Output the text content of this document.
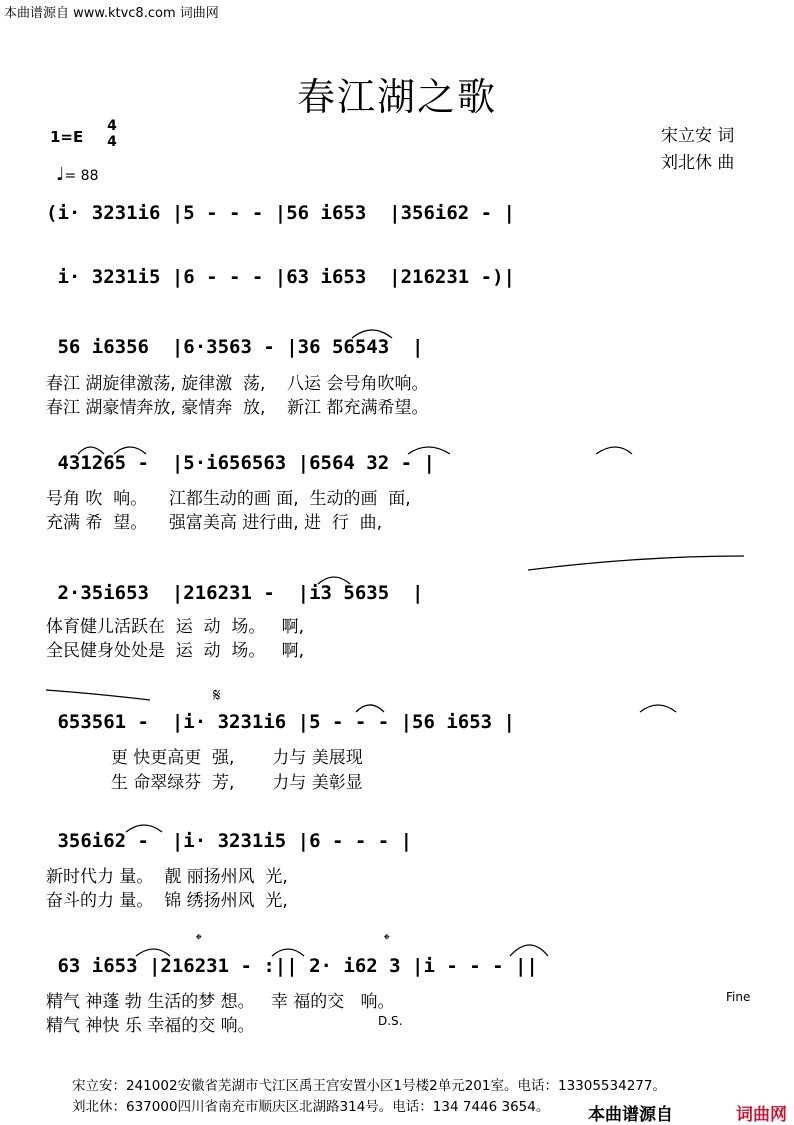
本曲谱源自 www.ktvc8.com 词曲网
春江湖之歌
1=E
4
4
♩= 88
宋立安 词
刘北休 曲
(i· 3231i6 |5 - - - |56 i653  |356i62 - |
i· 3231i5 |6 - - - |63 i653  |216231 -)|
56 i6356  |6·3563 - |36 56543  |
春江 湖旋律激荡, 旋律激  荡,    八运 会号角吹响。
春江 湖豪情奔放, 豪情奔  放,    新江 都充满希望。
431265 -  |5·i656563 |6564 32 - |
号角 吹  响。    江都生动的画 面,  生动的画  面,
充满 希  望。    强富美高 进行曲, 进  行  曲,
2·35i653  |216231 -  |i3 5635  |
体育健儿活跃在  运  动  场。   啊,
全民健身处处是  运  动  场。   啊,
653561 -  |i· 3231i6 |5 - - - |56 i653 |
更 快更高更  强,       力与 美展现
生 命翠绿芬  芳,       力与 美彰显
356i62 -  |i· 3231i5 |6 - - - |
新时代力 量。  靓 丽扬州风  光,
奋斗的力 量。  锦 绣扬州风  光,
63 i653 |216231 - :|| 2· i62 3 |i - - - ||
精气 神蓬 勃 生活的梦 想。   幸 福的交   响。
精气 神快 乐 幸福的交 响。
𝄋
𝄌	𝄌
Fine
D.S.
宋立安：241002安徽省芜湖市弋江区禹王宫安置小区1号楼2单元201室。电话：13305534277。
刘北休：637000四川省南充市顺庆区北湖路314号。电话：134 7446 3654。 本曲谱源自	词曲网
